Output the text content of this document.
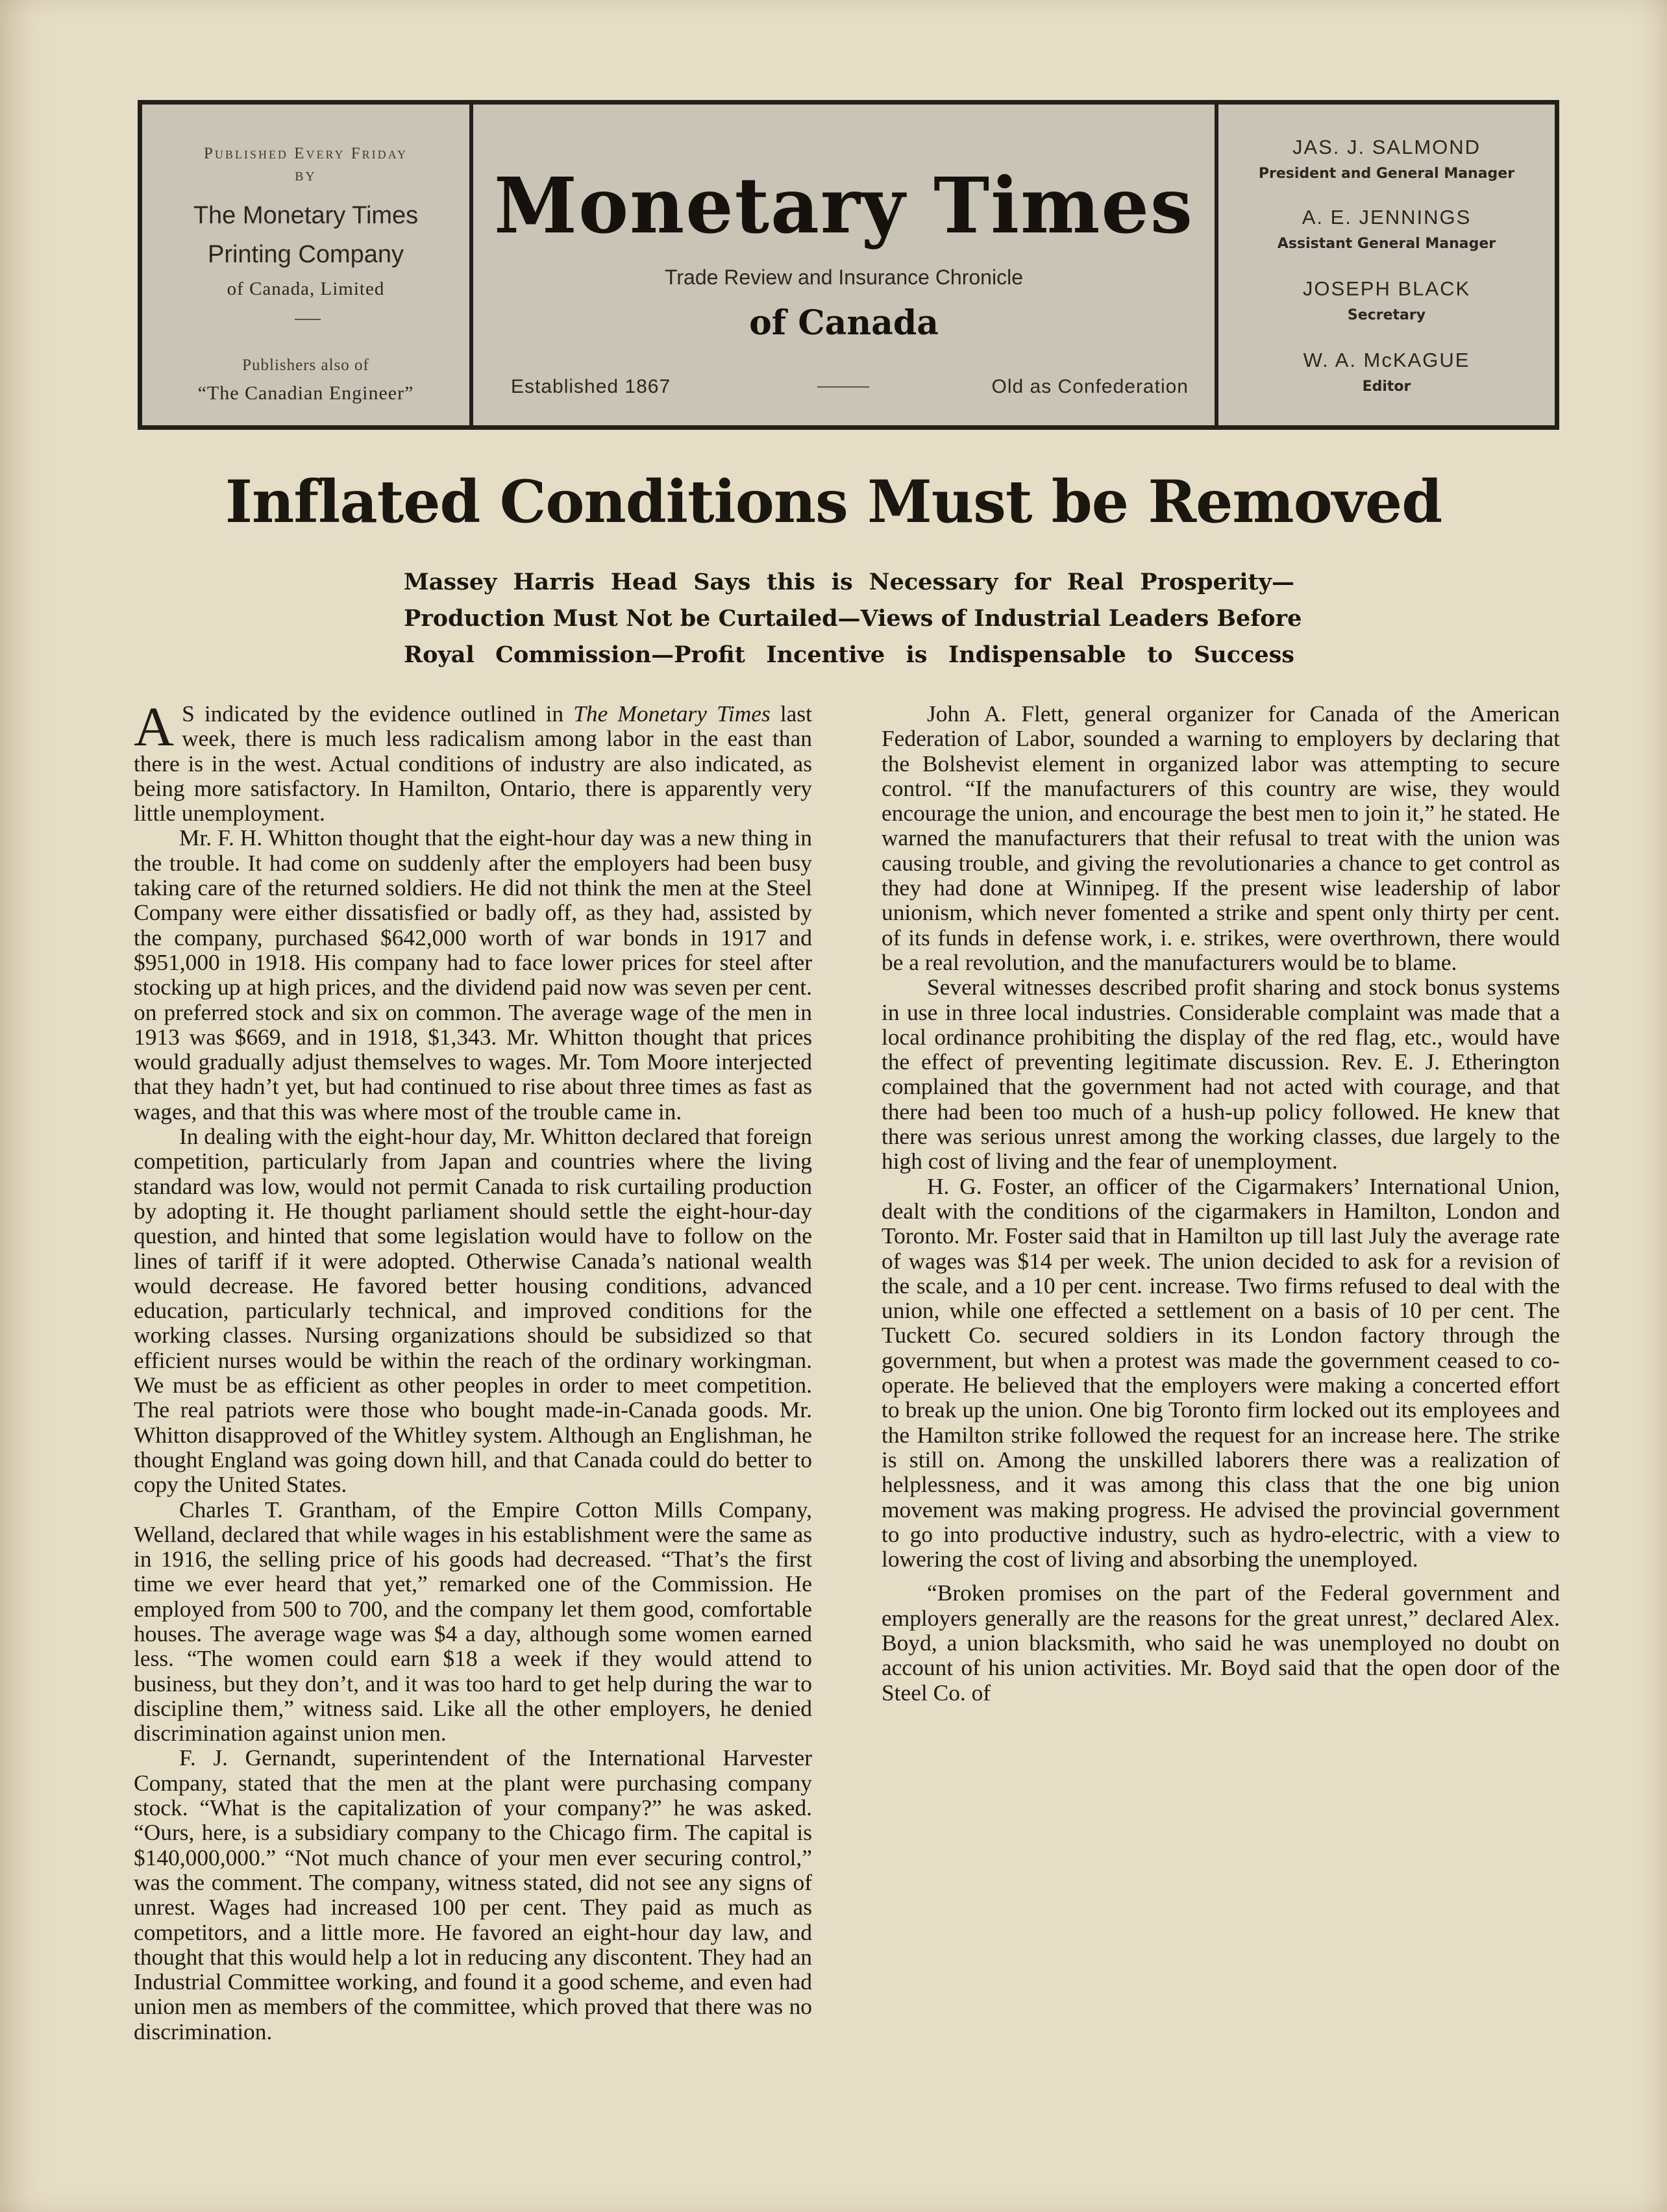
Published Every Friday
BY
The Monetary Times
Printing Company
of Canada, Limited
Publishers also of
“The Canadian Engineer”
Monetary Times
Trade Review and Insurance Chronicle
of Canada
Established 1867	Old as Confederation
JAS. J. SALMOND
President and General Manager
A. E. JENNINGS
Assistant General Manager
JOSEPH BLACK
Secretary
W. A. McKAGUE
Editor
Inflated Conditions Must be Removed
Massey Harris Head Says this is Necessary for Real Prosperity—
Production Must Not be Curtailed—Views of Industrial Leaders Before
Royal Commission—Profit Incentive is Indispensable to Success

A S indicated by the evidence outlined in The Monetary Times last week, there is much less radicalism among labor in the east than there is in the west. Actual conditions of industry are also indicated, as being more satisfactory. In Hamilton, Ontario, there is apparently very little unemployment.

Mr. F. H. Whitton thought that the eight-hour day was a new thing in the trouble. It had come on suddenly after the employers had been busy taking care of the returned soldiers. He did not think the men at the Steel Company were either dissatisfied or badly off, as they had, assisted by the company, purchased $642,000 worth of war bonds in 1917 and $951,000 in 1918. His company had to face lower prices for steel after stocking up at high prices, and the dividend paid now was seven per cent. on preferred stock and six on common. The average wage of the men in 1913 was $669, and in 1918, $1,343. Mr. Whitton thought that prices would gradually adjust themselves to wages. Mr. Tom Moore interjected that they hadn’t yet, but had continued to rise about three times as fast as wages, and that this was where most of the trouble came in.

In dealing with the eight-hour day, Mr. Whitton declared that foreign competition, particularly from Japan and countries where the living standard was low, would not permit Canada to risk curtailing production by adopting it. He thought parliament should settle the eight-hour-day question, and hinted that some legislation would have to follow on the lines of tariff if it were adopted. Otherwise Canada’s national wealth would decrease. He favored better housing conditions, advanced education, particularly technical, and improved conditions for the working classes. Nursing organizations should be subsidized so that efficient nurses would be within the reach of the ordinary workingman. We must be as efficient as other peoples in order to meet competition. The real patriots were those who bought made-in-Canada goods. Mr. Whitton disapproved of the Whitley system. Although an Englishman, he thought England was going down hill, and that Canada could do better to copy the United States.

Charles T. Grantham, of the Empire Cotton Mills Company, Welland, declared that while wages in his establishment were the same as in 1916, the selling price of his goods had decreased. “That’s the first time we ever heard that yet,” remarked one of the Commission. He employed from 500 to 700, and the company let them good, comfortable houses. The average wage was $4 a day, although some women earned less. “The women could earn $18 a week if they would attend to business, but they don’t, and it was too hard to get help during the war to discipline them,” witness said. Like all the other employers, he denied discrimination against union men.

F. J. Gernandt, superintendent of the International Harvester Company, stated that the men at the plant were purchasing company stock. “What is the capitalization of your company?” he was asked. “Ours, here, is a subsidiary company to the Chicago firm. The capital is $140,000,000.” “Not much chance of your men ever securing control,” was the comment. The company, witness stated, did not see any signs of unrest. Wages had increased 100 per cent. They paid as much as competitors, and a little more. He favored an eight-hour day law, and thought that this would help a lot in reducing any discontent. They had an Industrial Committee working, and found it a good scheme, and even had union men as members of the committee, which proved that there was no discrimination.

John A. Flett, general organizer for Canada of the American Federation of Labor, sounded a warning to employers by declaring that the Bolshevist element in organized labor was attempting to secure control. “If the manufacturers of this country are wise, they would encourage the union, and encourage the best men to join it,” he stated. He warned the manufacturers that their refusal to treat with the union was causing trouble, and giving the revolutionaries a chance to get control as they had done at Winnipeg. If the present wise leadership of labor unionism, which never fomented a strike and spent only thirty per cent. of its funds in defense work, i. e. strikes, were overthrown, there would be a real revolution, and the manufacturers would be to blame.

Several witnesses described profit sharing and stock bonus systems in use in three local industries. Considerable complaint was made that a local ordinance prohibiting the display of the red flag, etc., would have the effect of preventing legitimate discussion. Rev. E. J. Etherington complained that the government had not acted with courage, and that there had been too much of a hush-up policy followed. He knew that there was serious unrest among the working classes, due largely to the high cost of living and the fear of unemployment.

H. G. Foster, an officer of the Cigarmakers’ International Union, dealt with the conditions of the cigarmakers in Hamilton, London and Toronto. Mr. Foster said that in Hamilton up till last July the average rate of wages was $14 per week. The union decided to ask for a revision of the scale, and a 10 per cent. increase. Two firms refused to deal with the union, while one effected a settlement on a basis of 10 per cent. The Tuckett Co. secured soldiers in its London factory through the government, but when a protest was made the government ceased to co-operate. He believed that the employers were making a concerted effort to break up the union. One big Toronto firm locked out its employees and the Hamilton strike followed the request for an increase here. The strike is still on. Among the unskilled laborers there was a realization of helplessness, and it was among this class that the one big union movement was making progress. He advised the provincial government to go into productive industry, such as hydro-electric, with a view to lowering the cost of living and absorbing the unemployed.

“Broken promises on the part of the Federal government and employers generally are the reasons for the great unrest,” declared Alex. Boyd, a union blacksmith, who said he was unemployed no doubt on account of his union activities. Mr. Boyd said that the open door of the Steel Co. of
